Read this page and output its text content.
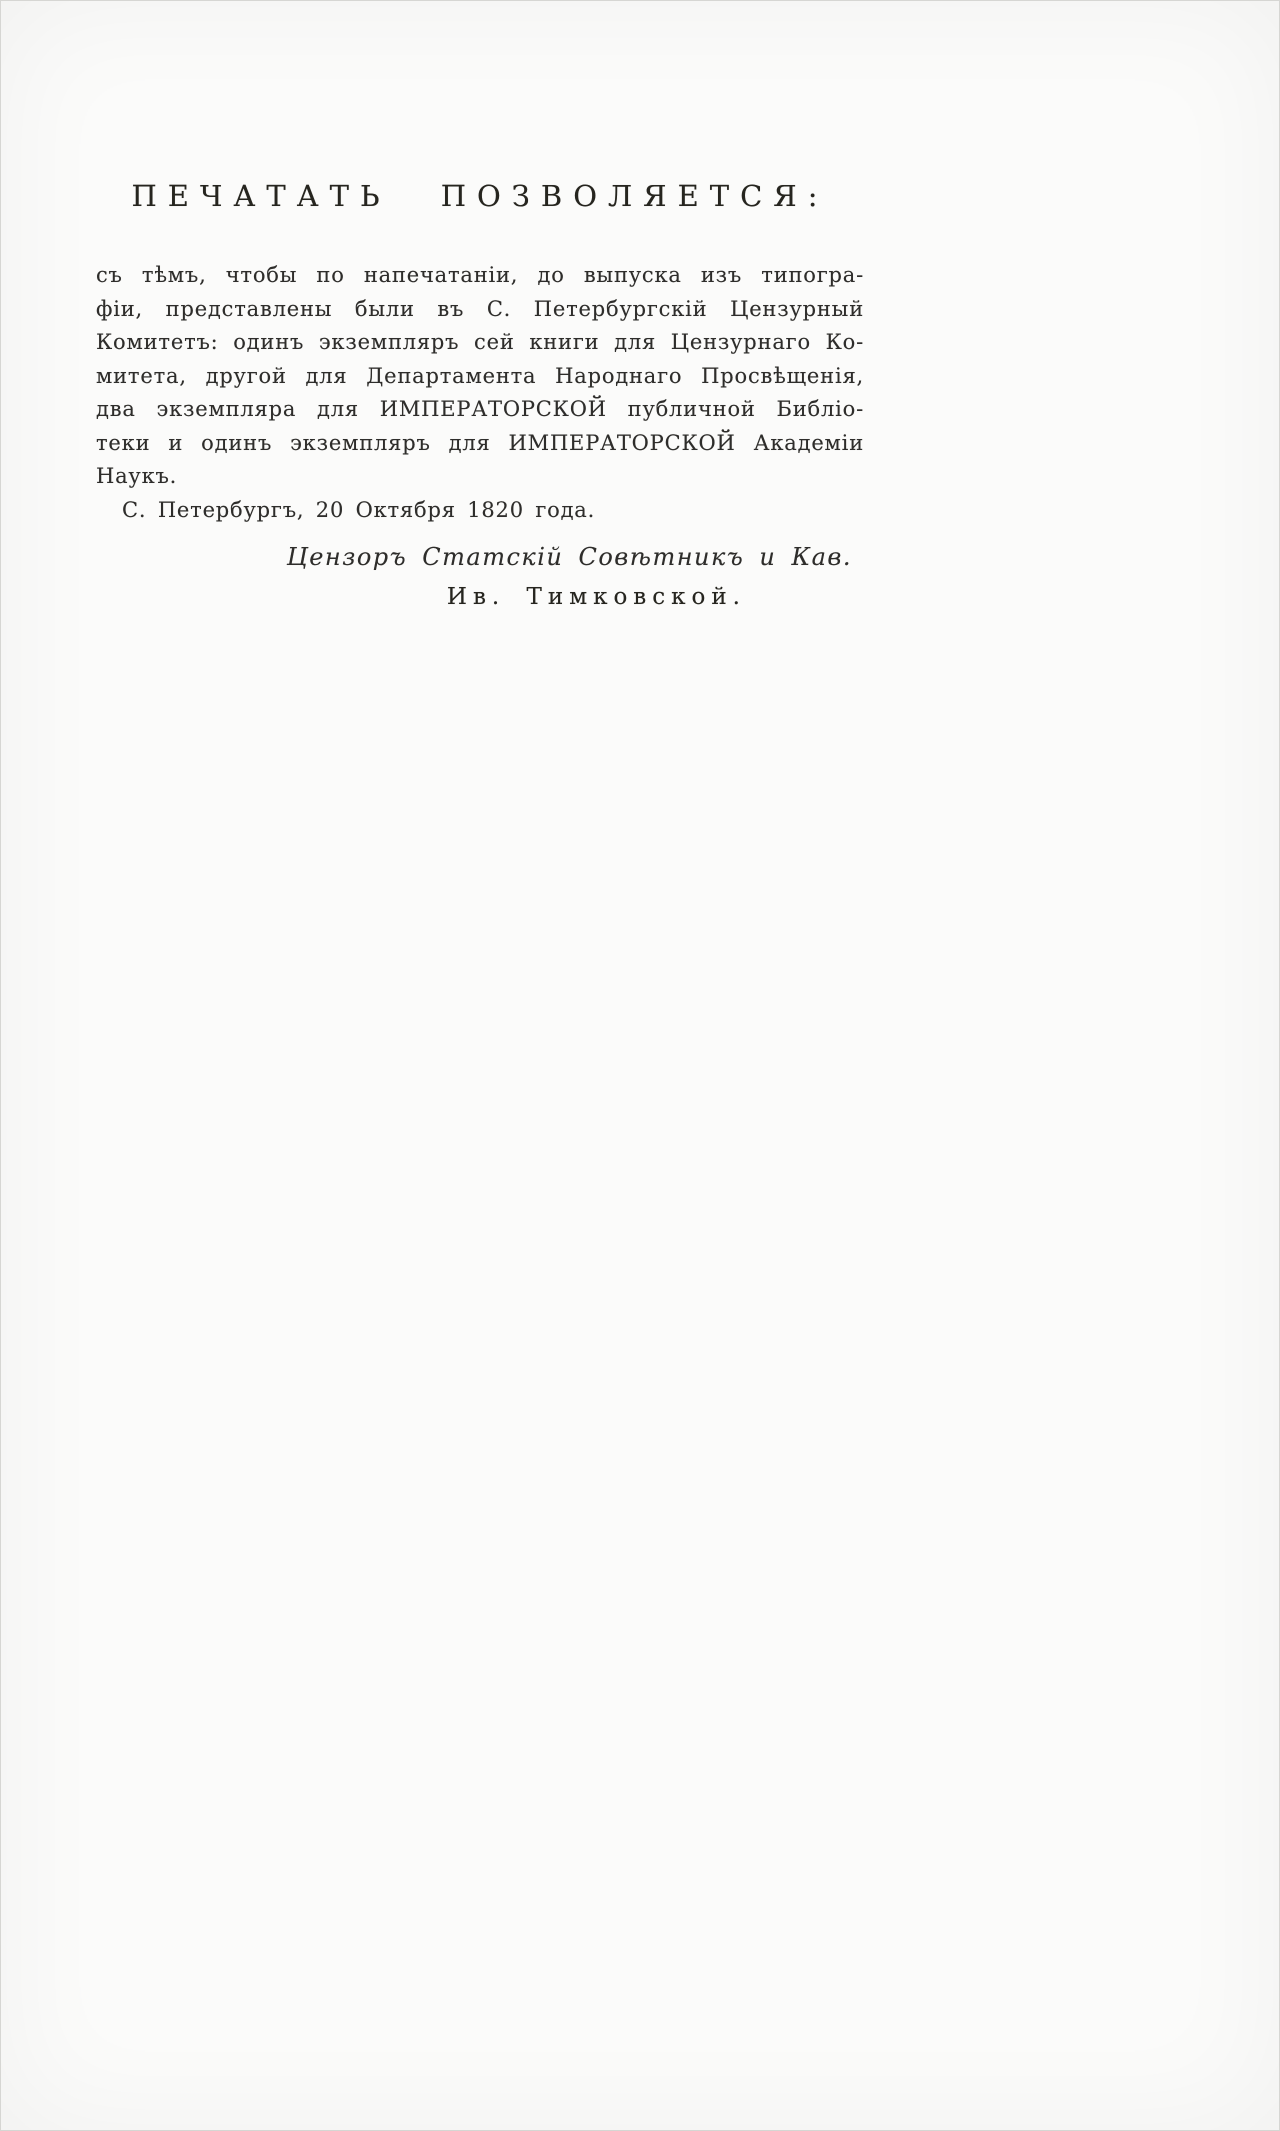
ПЕЧАТАТЬ ПОЗВОЛЯЕТСЯ:
съ тѣмъ, чтобы по напечатаніи, до выпуска изъ типогра-
фіи, представлены были въ С. Петербургскій Цензурный
Комитетъ: одинъ экземпляръ сей книги для Цензурнаго Ко-
митета, другой для Департамента Народнаго Просвѣщенія,
два экземпляра для ИМПЕРАТОРСКОЙ публичной Библіо-
теки и одинъ экземпляръ для ИМПЕРАТОРСКОЙ Академіи
Наукъ.
С. Петербургъ, 20 Октября 1820 года.
Цензоръ Статскій Совѣтникъ и Кав.
Ив. Тимковской.
